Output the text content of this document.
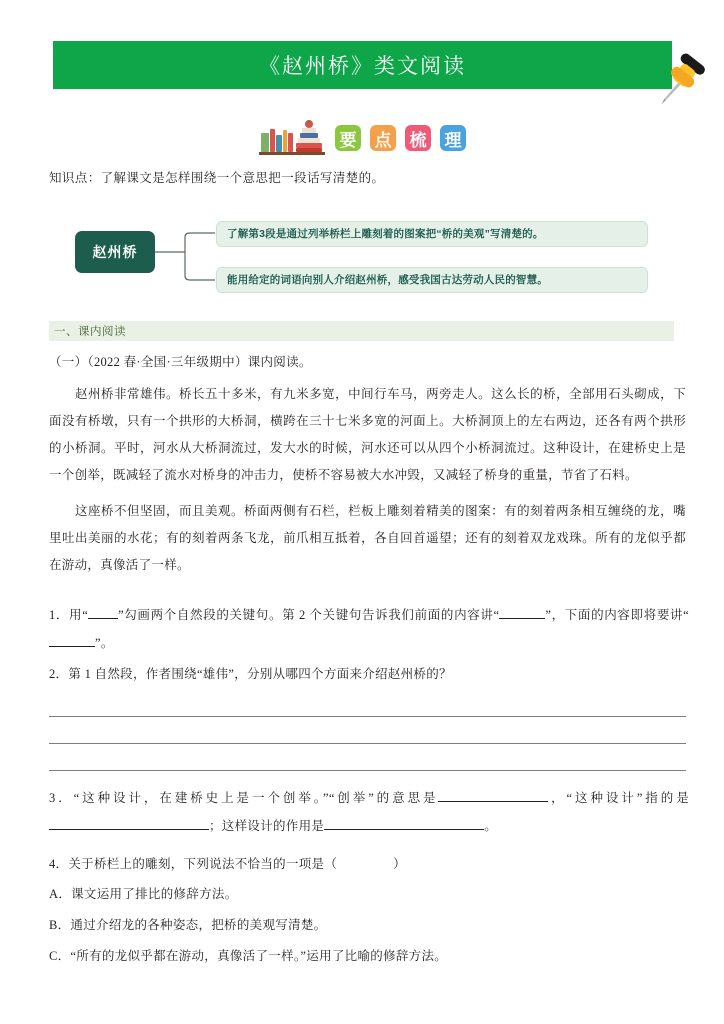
《赵州桥》类文阅读
要 点 梳 理
知识点：了解课文是怎样围绕一个意思把一段话写清楚的。
赵州桥
了解第3段是通过列举桥栏上雕刻着的图案把“桥的美观”写清楚的。
能用给定的词语向别人介绍赵州桥，感受我国古达劳动人民的智慧。
一、课内阅读
（一）（2022 春·全国·三年级期中）课内阅读。
赵州桥非常雄伟。桥长五十多米，有九米多宽，中间行车马，两旁走人。这么长的桥，全部用石头砌成，下面没有桥墩，只有一个拱形的大桥洞，横跨在三十七米多宽的河面上。大桥洞顶上的左右两边，还各有两个拱形的小桥洞。平时，河水从大桥洞流过，发大水的时候，河水还可以从四个小桥洞流过。这种设计，在建桥史上是一个创举，既减轻了流水对桥身的冲击力，使桥不容易被大水冲毁，又减轻了桥身的重量，节省了石料。
这座桥不但坚固，而且美观。桥面两侧有石栏，栏板上雕刻着精美的图案：有的刻着两条相互缠绕的龙，嘴里吐出美丽的水花；有的刻着两条飞龙，前爪相互抵着，各自回首遥望；还有的刻着双龙戏珠。所有的龙似乎都在游动，真像活了一样。
1．用“ ”勾画两个自然段的关键句。第 2 个关键句告诉我们前面的内容讲“	”，下面的内容即将要讲“”。
2．第 1 自然段，作者围绕“雄伟”，分别从哪四个方面来介绍赵州桥的？
3．“这种设计，在建桥史上是一个创举。”“创举”的意思是	，“这种设计”指的是；这样设计的作用是	。
4．关于桥栏上的雕刻，下列说法不恰当的一项是（	）
A．课文运用了排比的修辞方法。
B．通过介绍龙的各种姿态，把桥的美观写清楚。
C．“所有的龙似乎都在游动，真像活了一样。”运用了比喻的修辞方法。
